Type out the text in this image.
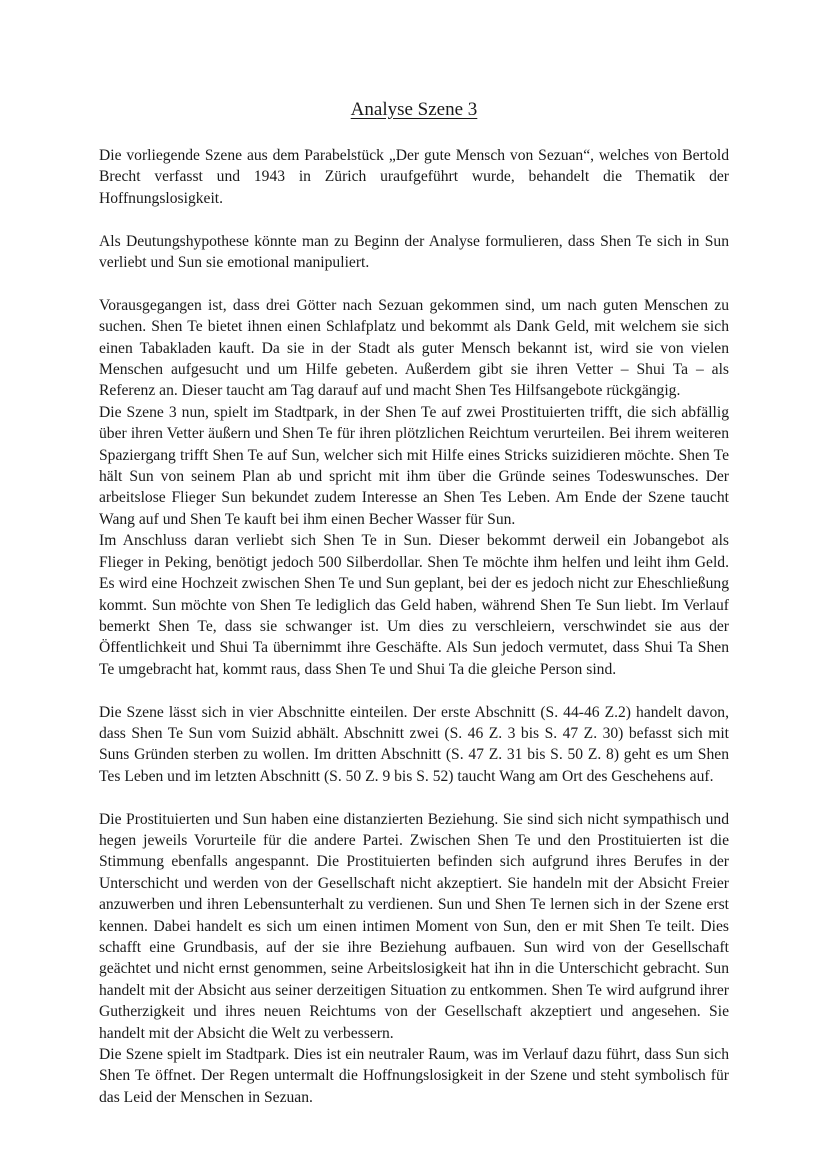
Analyse Szene 3

Die vorliegende Szene aus dem Parabelstück „Der gute Mensch von Sezuan“, welches von Bertold Brecht verfasst und 1943 in Zürich uraufgeführt wurde, behandelt die Thematik der Hoffnungslosigkeit.

Als Deutungshypothese könnte man zu Beginn der Analyse formulieren, dass Shen Te sich in Sun verliebt und Sun sie emotional manipuliert.

Vorausgegangen ist, dass drei Götter nach Sezuan gekommen sind, um nach guten Menschen zu suchen. Shen Te bietet ihnen einen Schlafplatz und bekommt als Dank Geld, mit welchem sie sich einen Tabakladen kauft. Da sie in der Stadt als guter Mensch bekannt ist, wird sie von vielen Menschen aufgesucht und um Hilfe gebeten. Außerdem gibt sie ihren Vetter – Shui Ta – als Referenz an. Dieser taucht am Tag darauf auf und macht Shen Tes Hilfsangebote rückgängig.

Die Szene 3 nun, spielt im Stadtpark, in der Shen Te auf zwei Prostituierten trifft, die sich abfällig über ihren Vetter äußern und Shen Te für ihren plötzlichen Reichtum verurteilen. Bei ihrem weiteren Spaziergang trifft Shen Te auf Sun, welcher sich mit Hilfe eines Stricks suizidieren möchte. Shen Te hält Sun von seinem Plan ab und spricht mit ihm über die Gründe seines Todeswunsches. Der arbeitslose Flieger Sun bekundet zudem Interesse an Shen Tes Leben. Am Ende der Szene taucht Wang auf und Shen Te kauft bei ihm einen Becher Wasser für Sun.

Im Anschluss daran verliebt sich Shen Te in Sun. Dieser bekommt derweil ein Jobangebot als Flieger in Peking, benötigt jedoch 500 Silberdollar. Shen Te möchte ihm helfen und leiht ihm Geld. Es wird eine Hochzeit zwischen Shen Te und Sun geplant, bei der es jedoch nicht zur Eheschließung kommt. Sun möchte von Shen Te lediglich das Geld haben, während Shen Te Sun liebt. Im Verlauf bemerkt Shen Te, dass sie schwanger ist. Um dies zu verschleiern, verschwindet sie aus der Öffentlichkeit und Shui Ta übernimmt ihre Geschäfte. Als Sun jedoch vermutet, dass Shui Ta Shen Te umgebracht hat, kommt raus, dass Shen Te und Shui Ta die gleiche Person sind.

Die Szene lässt sich in vier Abschnitte einteilen. Der erste Abschnitt (S. 44-46 Z.2) handelt davon, dass Shen Te Sun vom Suizid abhält. Abschnitt zwei (S. 46 Z. 3 bis S. 47 Z. 30) befasst sich mit Suns Gründen sterben zu wollen. Im dritten Abschnitt (S. 47 Z. 31 bis S. 50 Z. 8) geht es um Shen Tes Leben und im letzten Abschnitt (S. 50 Z. 9 bis S. 52) taucht Wang am Ort des Geschehens auf.

Die Prostituierten und Sun haben eine distanzierten Beziehung. Sie sind sich nicht sympathisch und hegen jeweils Vorurteile für die andere Partei. Zwischen Shen Te und den Prostituierten ist die Stimmung ebenfalls angespannt. Die Prostituierten befinden sich aufgrund ihres Berufes in der Unterschicht und werden von der Gesellschaft nicht akzeptiert. Sie handeln mit der Absicht Freier anzuwerben und ihren Lebensunterhalt zu verdienen. Sun und Shen Te lernen sich in der Szene erst kennen. Dabei handelt es sich um einen intimen Moment von Sun, den er mit Shen Te teilt. Dies schafft eine Grundbasis, auf der sie ihre Beziehung aufbauen. Sun wird von der Gesellschaft geächtet und nicht ernst genommen, seine Arbeitslosigkeit hat ihn in die Unterschicht gebracht. Sun handelt mit der Absicht aus seiner derzeitigen Situation zu entkommen. Shen Te wird aufgrund ihrer Gutherzigkeit und ihres neuen Reichtums von der Gesellschaft akzeptiert und angesehen. Sie handelt mit der Absicht die Welt zu verbessern.

Die Szene spielt im Stadtpark. Dies ist ein neutraler Raum, was im Verlauf dazu führt, dass Sun sich Shen Te öffnet. Der Regen untermalt die Hoffnungslosigkeit in der Szene und steht symbolisch für das Leid der Menschen in Sezuan.
